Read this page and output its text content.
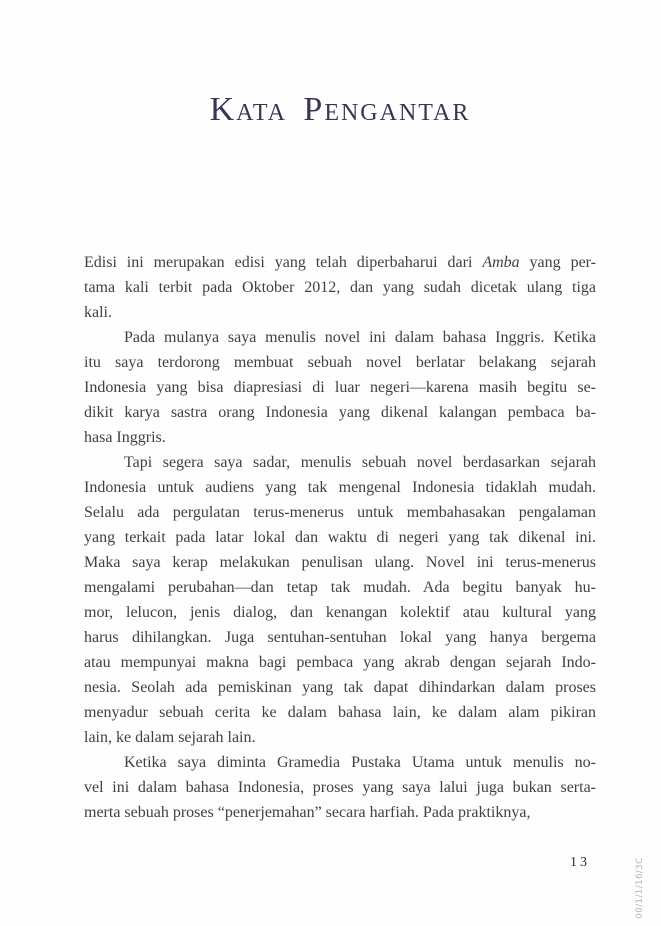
Kata Pengantar
Edisi ini merupakan edisi yang telah diperbaharui dari Amba yang per-
tama kali terbit pada Oktober 2012, dan yang sudah dicetak ulang tiga
kali.
Pada mulanya saya menulis novel ini dalam bahasa Inggris. Ketika
itu saya terdorong membuat sebuah novel berlatar belakang sejarah
Indonesia yang bisa diapresiasi di luar negeri—karena masih begitu se-
dikit karya sastra orang Indonesia yang dikenal kalangan pembaca ba-
hasa Inggris.
Tapi segera saya sadar, menulis sebuah novel berdasarkan sejarah
Indonesia untuk audiens yang tak mengenal Indonesia tidaklah mudah.
Selalu ada pergulatan terus-menerus untuk membahasakan pengalaman
yang terkait pada latar lokal dan waktu di negeri yang tak dikenal ini.
Maka saya kerap melakukan penulisan ulang. Novel ini terus-menerus
mengalami perubahan—dan tetap tak mudah. Ada begitu banyak hu-
mor, lelucon, jenis dialog, dan kenangan kolektif atau kultural yang
harus dihilangkan. Juga sentuhan-sentuhan lokal yang hanya bergema
atau mempunyai makna bagi pembaca yang akrab dengan sejarah Indo-
nesia. Seolah ada pemiskinan yang tak dapat dihindarkan dalam proses
menyadur sebuah cerita ke dalam bahasa lain, ke dalam alam pikiran
lain, ke dalam sejarah lain.
Ketika saya diminta Gramedia Pustaka Utama untuk menulis no-
vel ini dalam bahasa Indonesia, proses yang saya lalui juga bukan serta-
merta sebuah proses “penerjemahan” secara harfiah. Pada praktiknya,
13	00/1/1/16/3C
